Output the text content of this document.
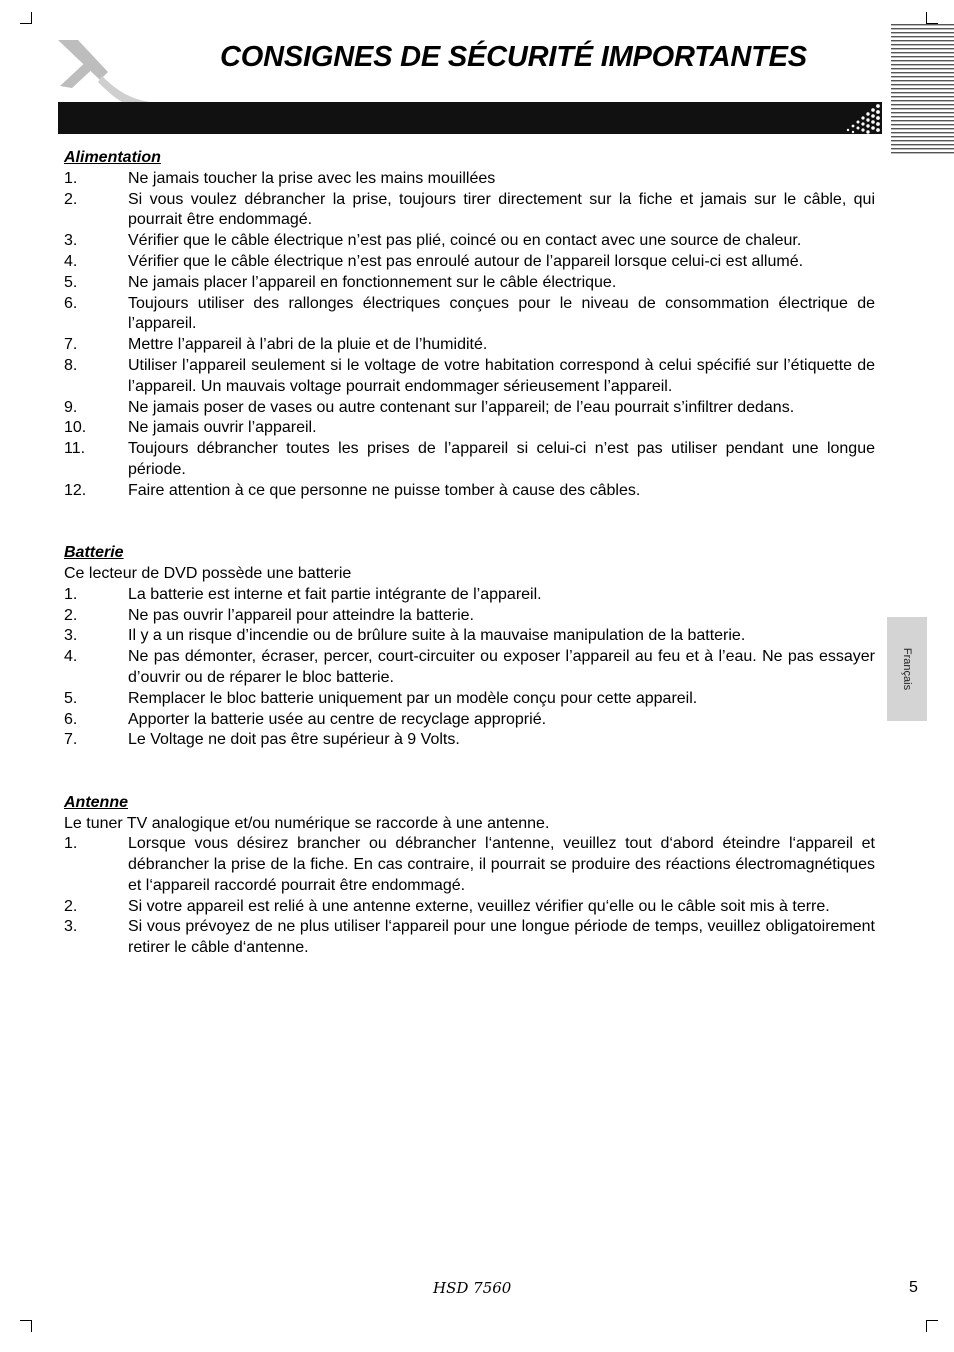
CONSIGNES DE SÉCURITÉ IMPORTANTES
Français
Alimentation
1.	Ne jamais toucher la prise avec les mains mouillées
2.	Si vous voulez débrancher la prise, toujours tirer directement sur la fiche et jamais sur le câble, qui pourrait être endommagé.
3.	Vérifier que le câble électrique n’est pas plié, coincé ou en contact avec une source de chaleur.
4.	Vérifier que le câble électrique n’est pas enroulé autour de l’appareil lorsque celui-ci est allumé.
5.	Ne jamais placer l’appareil en fonctionnement sur le câble électrique.
6.	Toujours utiliser des rallonges électriques conçues pour le niveau de consommation électrique de l’appareil.
7.	Mettre l’appareil à l’abri de la pluie et de l’humidité.
8.	Utiliser l’appareil seulement si le voltage de votre habitation correspond à celui spécifié sur l’étiquette de l’appareil. Un mauvais voltage pourrait endommager sérieusement l’appareil.
9.	Ne jamais poser de vases ou autre contenant sur l’appareil; de l’eau pourrait s’infiltrer dedans.
10.	Ne jamais ouvrir l’appareil.
11.	Toujours débrancher toutes les prises de l’appareil si celui-ci n’est pas utiliser pendant une longue période.
12.	Faire attention à ce que personne ne puisse tomber à cause des câbles.
Batterie
Ce lecteur de DVD possède une batterie
1.	La batterie est interne et fait partie intégrante de l’appareil.
2.	Ne pas ouvrir l’appareil pour atteindre la batterie.
3.	Il y a un risque d’incendie ou de brûlure suite à la mauvaise manipulation de la batterie.
4.	Ne pas démonter, écraser, percer, court-circuiter ou exposer l’appareil au feu et à l’eau. Ne pas essayer d’ouvrir ou de réparer le bloc batterie.
5.	Remplacer le bloc batterie uniquement par un modèle conçu pour cette appareil.
6.	Apporter la batterie usée au centre de recyclage approprié.
7.	Le Voltage ne doit pas être supérieur à 9 Volts.
Antenne
Le tuner TV analogique et/ou numérique se raccorde à une antenne.
1.	Lorsque vous désirez brancher ou débrancher l‘antenne, veuillez tout d‘abord éteindre l‘appareil et débrancher la prise de la fiche. En cas contraire, il pourrait se produire des réactions électromagnétiques et l‘appareil raccordé pourrait être endommagé.
2.	Si votre appareil est relié à une antenne externe, veuillez vérifier qu‘elle ou le câble soit mis à terre.
3.	Si vous prévoyez de ne plus utiliser l‘appareil pour une longue période de temps, veuillez obligatoirement retirer le câble d‘antenne.
HSD 7560	5
